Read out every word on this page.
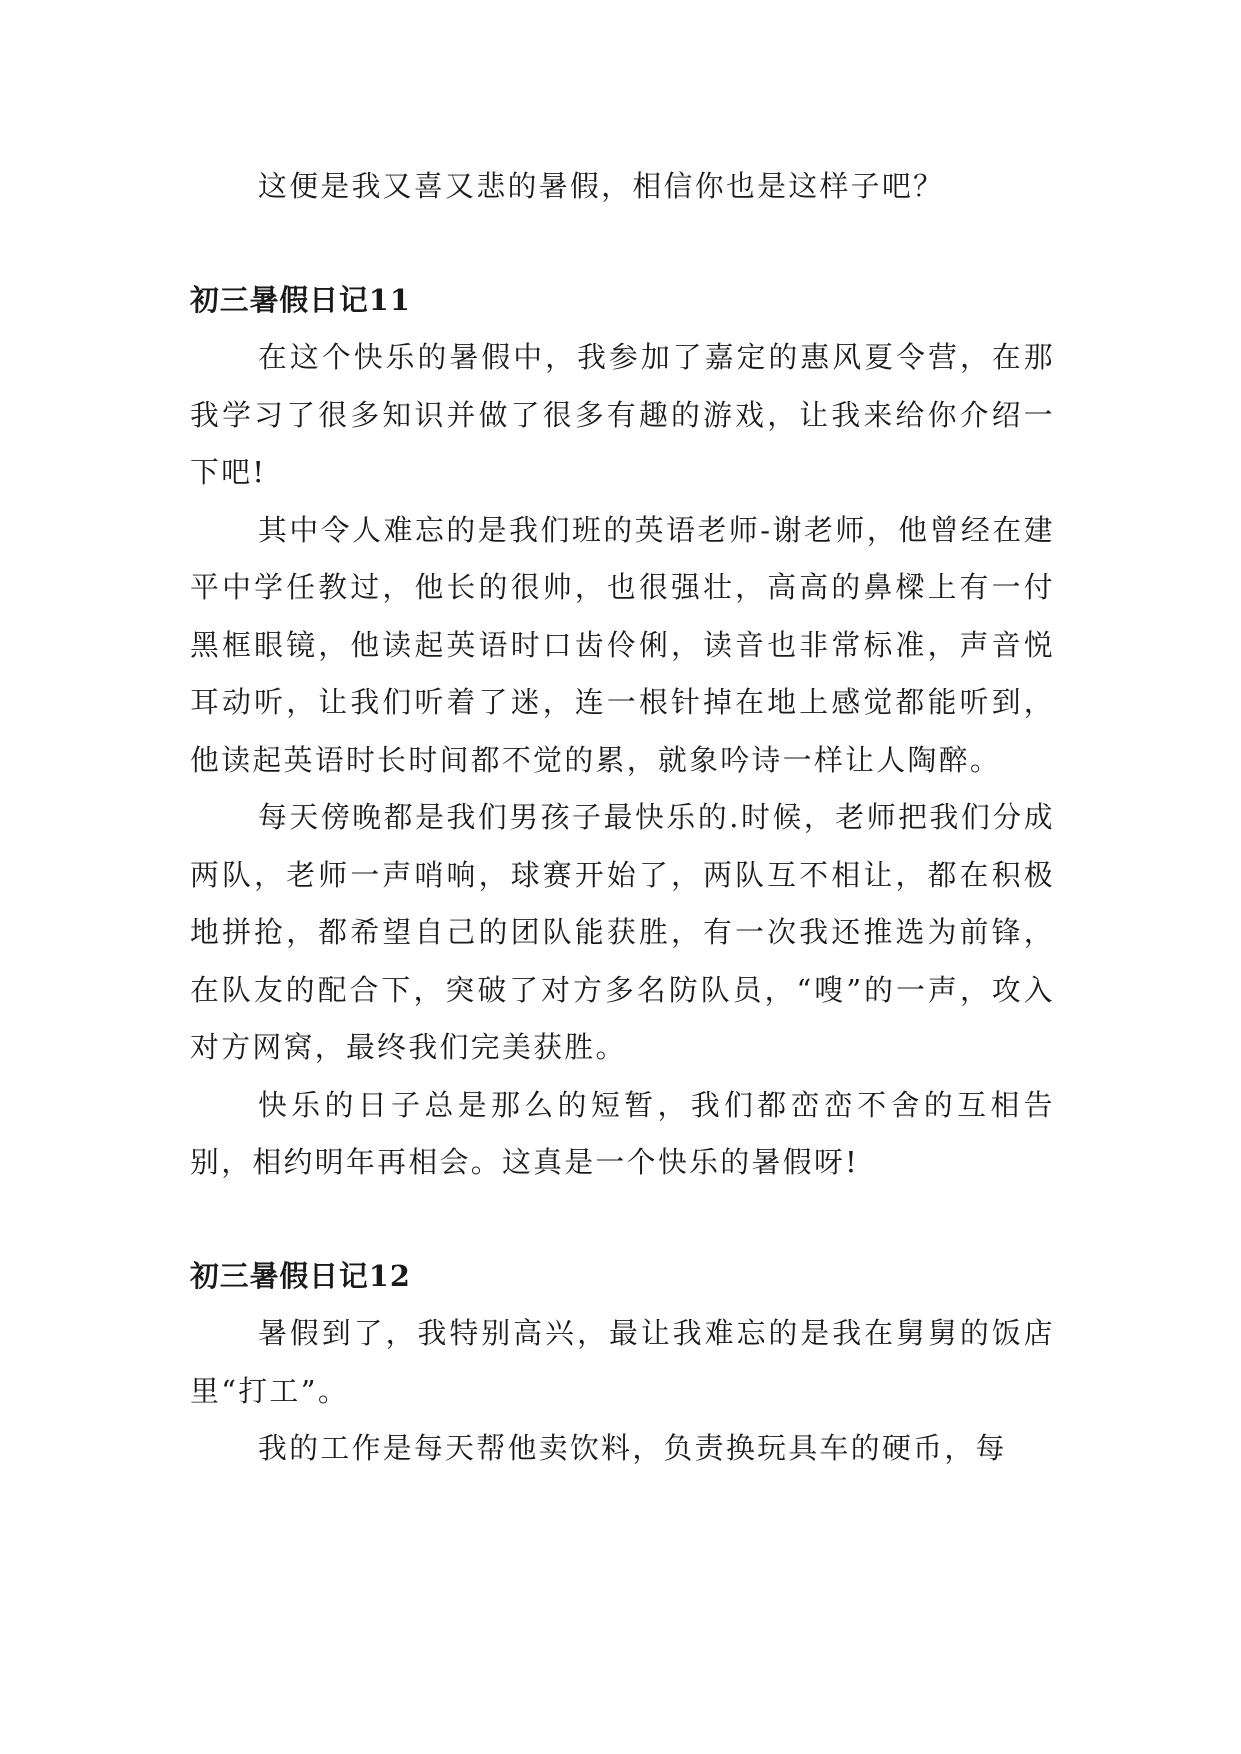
这便是我又喜又悲的暑假，相信你也是这样子吧？

初三暑假日记11

在这个快乐的暑假中，我参加了嘉定的惠风夏令营，在那我学习了很多知识并做了很多有趣的游戏，让我来给你介绍一下吧!

其中令人难忘的是我们班的英语老师-谢老师，他曾经在建平中学任教过，他长的很帅，也很强壮，高高的鼻樑上有一付黑框眼镜，他读起英语时口齿伶俐，读音也非常标准，声音悦耳动听，让我们听着了迷，连一根针掉在地上感觉都能听到，他读起英语时长时间都不觉的累，就象吟诗一样让人陶醉。

每天傍晚都是我们男孩子最快乐的.时候，老师把我们分成两队，老师一声哨响，球赛开始了，两队互不相让，都在积极地拼抢，都希望自己的团队能获胜，有一次我还推选为前锋，在队友的配合下，突破了对方多名防队员，“嗖”的一声，攻入对方网窝，最终我们完美获胜。

快乐的日子总是那么的短暂，我们都峦峦不舍的互相告别，相约明年再相会。这真是一个快乐的暑假呀!

初三暑假日记12

暑假到了，我特别高兴，最让我难忘的是我在舅舅的饭店里“打工”。

我的工作是每天帮他卖饮料，负责换玩具车的硬币，每
